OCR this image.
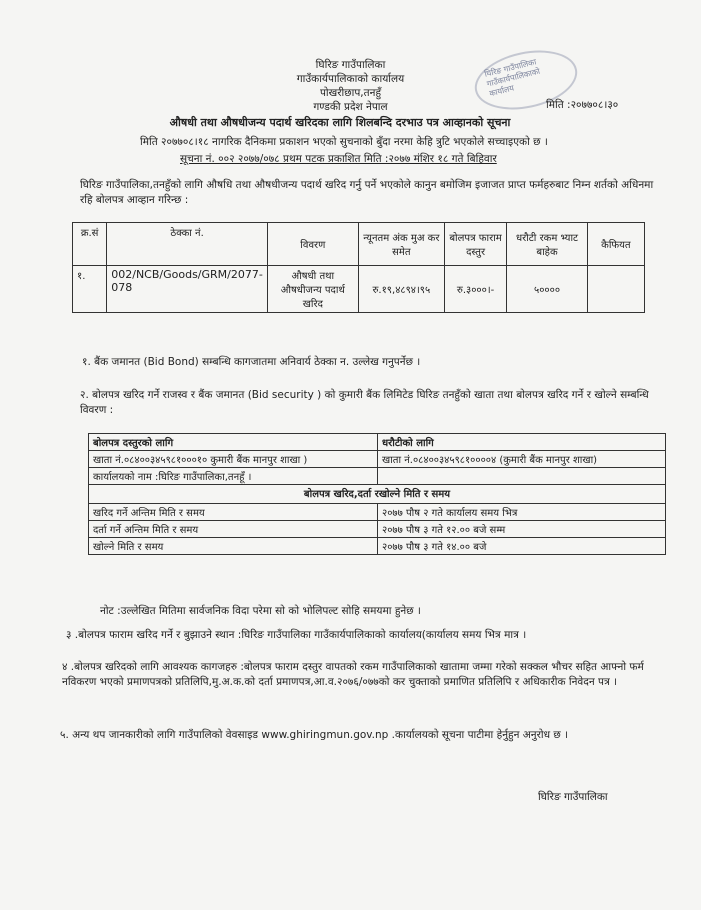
घिरिङ गाउँपालिका
गाउँकार्यपालिकाको कार्यालय
पोखरीछाप,तनहुँ
गण्डकी प्रदेश नेपाल
घिरिङ गाउँपालिका गाउँकार्यपालिकाको कार्यालय
मिति :२०७७०८।३०
औषधी तथा औषधीजन्य पदार्थ खरिदका लागि शिलबन्दि दरभाउ पत्र आव्हानको सूचना
मिति २०७७०८।१८ नागरिक दैनिकमा प्रकाशन भएको सुचनाको बुँदा नरमा केहि त्रुटि भएकोले सच्चाइएको छ ।
सूचना नं. ००२ २०७७/०७८ प्रथम पटक प्रकाशित मिति :२०७७ मंशिर १८ गते बिहिवार
घिरिङ गाउँपालिका,तनहुँको लागि औषधि तथा औषधीजन्य पदार्थ खरिद गर्नु पर्ने भएकोले कानुन बमोजिम इजाजत प्राप्त फर्महरुबाट निम्न शर्तको अधिनमा रहि बोलपत्र आव्हान गरिन्छ :
क्र.सं	ठेक्का नं.	विवरण	न्यूनतम अंक मुअ कर समेत	बोलपत्र फाराम दस्तुर	धरौटी रकम भ्याट बाहेक	कैफियत
१.	002/NCB/Goods/GRM/2077-078	औषधी तथा औषधीजन्य पदार्थ खरिद	रु.१९,४८९४।९५	रु.३०००।-	५००००	
१. बैंक जमानत (Bid Bond) सम्बन्धि कागजातमा अनिवार्य ठेक्का न. उल्लेख गनुपर्नेछ ।
२. बोलपत्र खरिद गर्ने राजस्व र बैंक जमानत (Bid security ) को कुमारी बैंक लिमिटेड घिरिङ तनहुँको खाता तथा बोलपत्र खरिद गर्ने र खोल्ने सम्बन्धि विवरण :
बोलपत्र दस्तुरको लागि	धरौटीको लागि
खाता नं.०८४००३४५९८१०००१० कुमारी बैंक मानपुर शाखा )	खाता नं.०८४००३४५९८१००००४ (कुमारी बैंक मानपुर शाखा)
कार्यालयको नाम :घिरिङ गाउँपालिका,तनहूँ ।	
बोलपत्र खरिद,दर्ता रखोल्ने मिति र समय	
खरिद गर्ने अन्तिम मिति र समय	२०७७ पौष २ गते कार्यालय समय भित्र
दर्ता गर्ने अन्तिम मिति र समय	२०७७ पौष ३ गते १२.०० बजे सम्म
खोल्ने मिति र समय	२०७७ पौष ३ गते १४.०० बजे
नोट :उल्लेखित मितिमा सार्वजनिक विदा परेमा सो को भोलिपल्ट सोहि समयमा हुनेछ ।
३ .बोलपत्र फाराम खरिद गर्ने र बुझाउने स्थान :घिरिङ गाउँपालिका गाउँकार्यपालिकाको कार्यालय(कार्यालय समय भित्र मात्र ।
४ .बोलपत्र खरिदको लागि आवश्यक कागजहरु :बोलपत्र फाराम दस्तुर वापतको रकम गाउँपालिकाको खातामा जम्मा गरेको सक्कल भौचर सहित आफ्नो फर्म नविकरण भएको प्रमाणपत्रको प्रतिलिपि,मु.अ.क.को दर्ता प्रमाणपत्र,आ.व.२०७६/०७७को कर चुक्ताको प्रमाणित प्रतिलिपि र अधिकारीक निवेदन पत्र ।
५. अन्य थप जानकारीको लागि गाउँपालिको वेवसाइड www.ghiringmun.gov.np .कार्यालयको सूचना पाटीमा हेर्नुहुन अनुरोध छ ।
घिरिङ गाउँपालिका
